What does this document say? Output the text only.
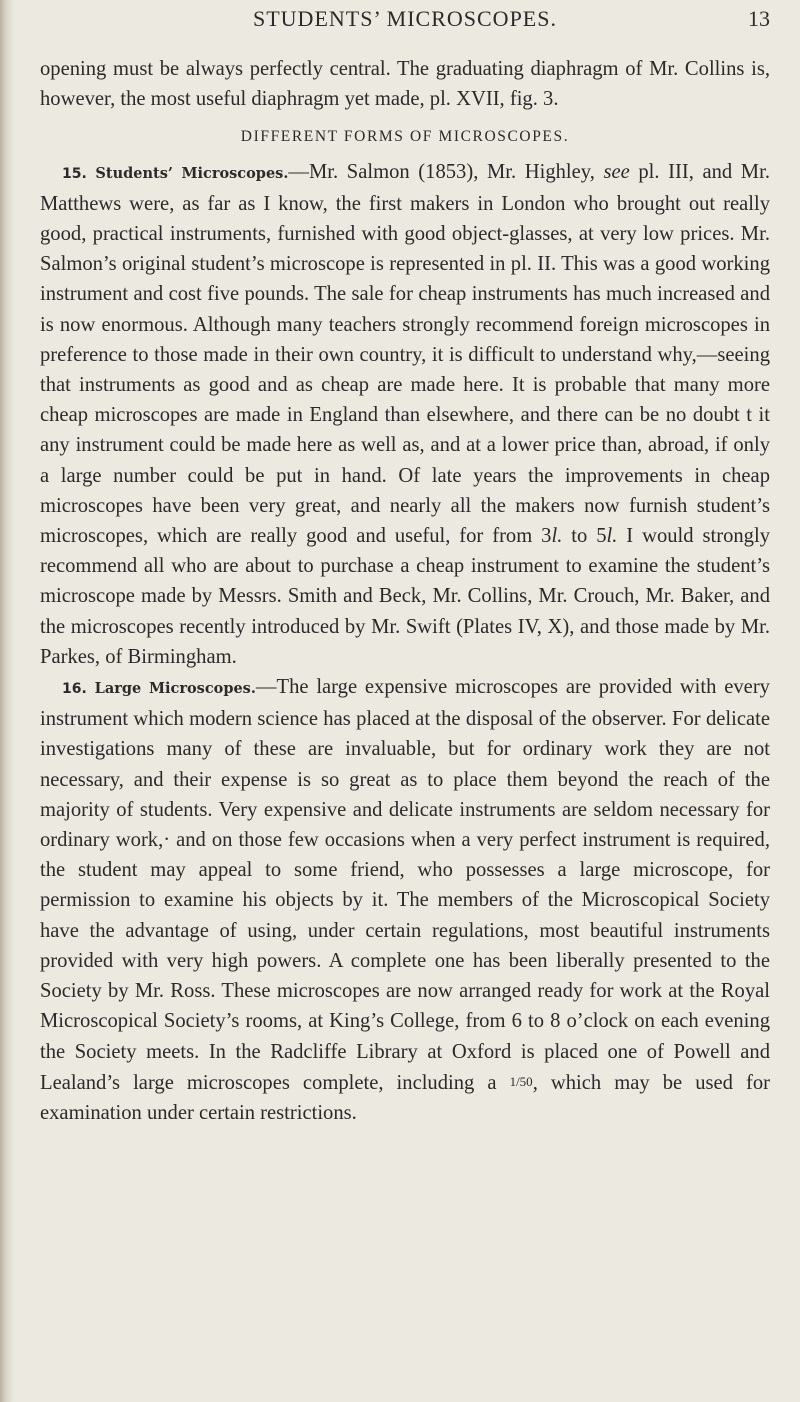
STUDENTS’ MICROSCOPES.	13

opening must be always perfectly central. The graduating diaphragm of Mr. Collins is, however, the most useful diaphragm yet made, pl. XVII, fig. 3.

DIFFERENT FORMS OF MICROSCOPES.

15. Students’ Microscopes.—Mr. Salmon (1853), Mr. Highley, see pl. III, and Mr. Matthews were, as far as I know, the first makers in London who brought out really good, practical instruments, furnished with good object-glasses, at very low prices. Mr. Salmon’s original student’s microscope is represented in pl. II. This was a good working instrument and cost five pounds. The sale for cheap instruments has much increased and is now enormous. Although many teachers strongly recommend foreign microscopes in preference to those made in their own country, it is difficult to understand why,—seeing that instruments as good and as cheap are made here. It is probable that many more cheap microscopes are made in England than elsewhere, and there can be no doubt t it any instrument could be made here as well as, and at a lower price than, abroad, if only a large number could be put in hand. Of late years the improvements in cheap microscopes have been very great, and nearly all the makers now furnish student’s microscopes, which are really good and useful, for from 3l. to 5l. I would strongly recommend all who are about to purchase a cheap instrument to examine the student’s microscope made by Messrs. Smith and Beck, Mr. Collins, Mr. Crouch, Mr. Baker, and the microscopes recently introduced by Mr. Swift (Plates IV, X), and those made by Mr. Parkes, of Birmingham.

16. Large Microscopes.—The large expensive microscopes are provided with every instrument which modern science has placed at the disposal of the observer. For delicate investigations many of these are invaluable, but for ordinary work they are not necessary, and their expense is so great as to place them beyond the reach of the majority of students. Very expensive and delicate instruments are seldom necessary for ordinary work,· and on those few occasions when a very perfect instrument is required, the student may appeal to some friend, who possesses a large microscope, for permission to examine his objects by it. The members of the Microscopical Society have the advantage of using, under certain regulations, most beautiful instruments provided with very high powers. A complete one has been liberally presented to the Society by Mr. Ross. These microscopes are now arranged ready for work at the Royal Microscopical Society’s rooms, at King’s College, from 6 to 8 o’clock on each evening the Society meets. In the Radcliffe Library at Oxford is placed one of Powell and Lealand’s large microscopes complete, including a 1/50, which may be used for examination under certain restrictions.
